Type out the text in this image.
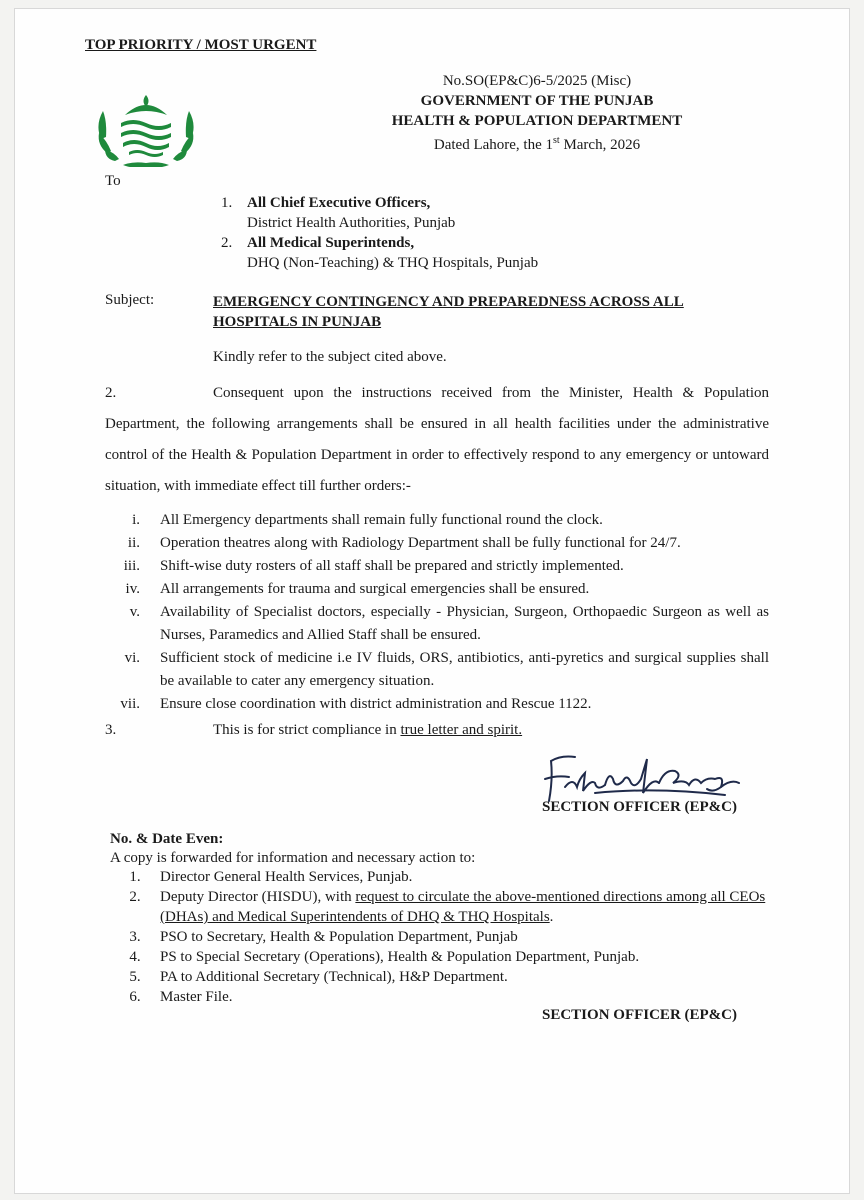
TOP PRIORITY / MOST URGENT
No.SO(EP&C)6-5/2025 (Misc)
GOVERNMENT OF THE PUNJAB
HEALTH & POPULATION DEPARTMENT
Dated Lahore, the 1st March, 2026
To
1. All Chief Executive Officers,
District Health Authorities, Punjab
2. All Medical Superintends,
DHQ (Non-Teaching) & THQ Hospitals, Punjab
Subject:	EMERGENCY CONTINGENCY AND PREPAREDNESS ACROSS ALL HOSPITALS IN PUNJAB
Kindly refer to the subject cited above.
2.	Consequent upon the instructions received from the Minister, Health & Population Department, the following arrangements shall be ensured in all health facilities under the administrative control of the Health & Population Department in order to effectively respond to any emergency or untoward situation, with immediate effect till further orders:-
i.	All Emergency departments shall remain fully functional round the clock.
ii.	Operation theatres along with Radiology Department shall be fully functional for 24/7.
iii.	Shift-wise duty rosters of all staff shall be prepared and strictly implemented.
iv.	All arrangements for trauma and surgical emergencies shall be ensured.
v.	Availability of Specialist doctors, especially - Physician, Surgeon, Orthopaedic Surgeon as well as Nurses, Paramedics and Allied Staff shall be ensured.
vi.	Sufficient stock of medicine i.e IV fluids, ORS, antibiotics, anti-pyretics and surgical supplies shall be available to cater any emergency situation.
vii.	Ensure close coordination with district administration and Rescue 1122.
3.	This is for strict compliance in true letter and spirit.
SECTION OFFICER (EP&C)
No. & Date Even:
A copy is forwarded for information and necessary action to:
1.	Director General Health Services, Punjab.
2.	Deputy Director (HISDU), with request to circulate the above-mentioned directions among all CEOs (DHAs) and Medical Superintendents of DHQ & THQ Hospitals.
3.	PSO to Secretary, Health & Population Department, Punjab
4.	PS to Special Secretary (Operations), Health & Population Department, Punjab.
5.	PA to Additional Secretary (Technical), H&P Department.
6.	Master File.
SECTION OFFICER (EP&C)
